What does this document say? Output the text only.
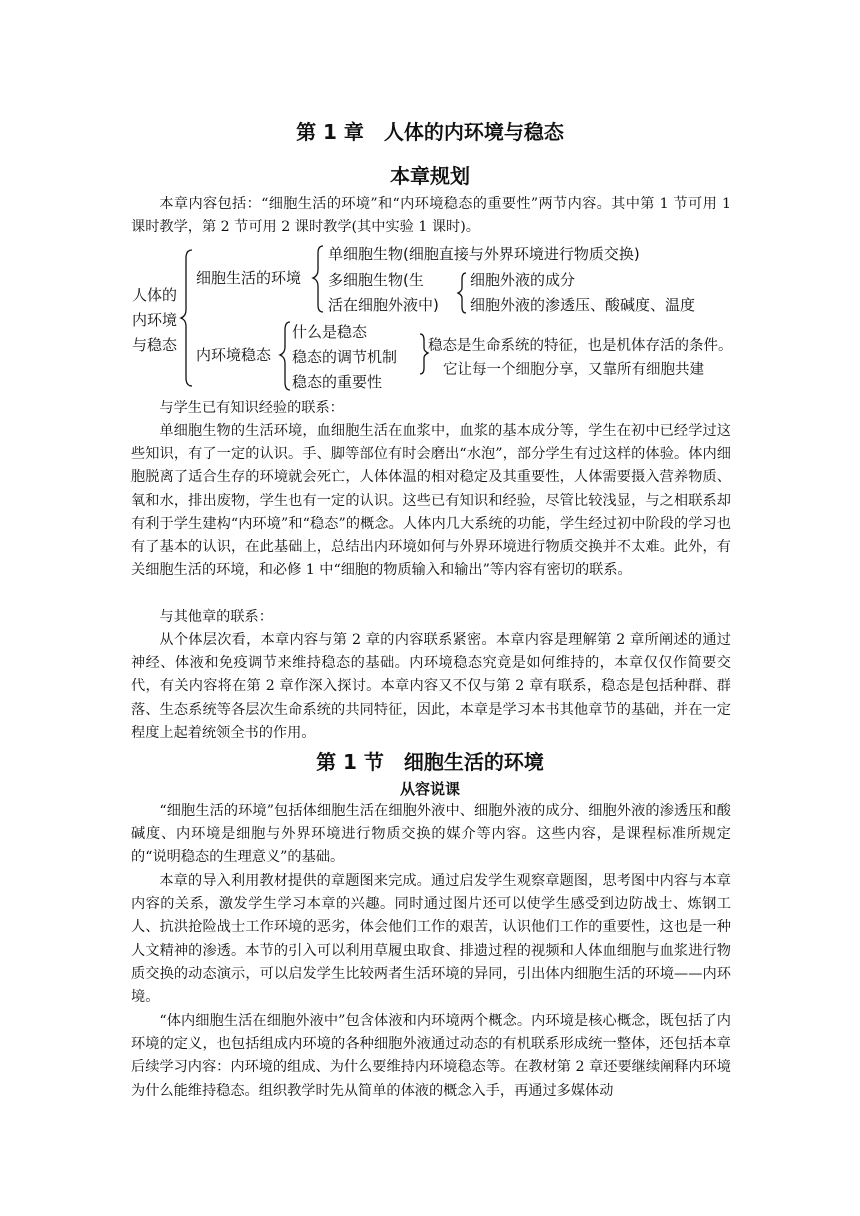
第 1 章　人体的内环境与稳态
本章规划

本章内容包括：“细胞生活的环境”和“内环境稳态的重要性”两节内容。其中第 1 节可用 1 课时教学，第 2 节可用 2 课时教学(其中实验 1 课时)。

人体的
内环境
与稳态
细胞生活的环境
单细胞生物(细胞直接与外界环境进行物质交换)
多细胞生物(生
活在细胞外液中)
细胞外液的成分
细胞外液的渗透压、酸碱度、温度
内环境稳态
什么是稳态
稳态的调节机制
稳态的重要性
稳态是生命系统的特征，也是机体存活的条件。
它让每一个细胞分享，又靠所有细胞共建

与学生已有知识经验的联系：

单细胞生物的生活环境，血细胞生活在血浆中，血浆的基本成分等，学生在初中已经学过这些知识，有了一定的认识。手、脚等部位有时会磨出“水泡”，部分学生有过这样的体验。体内细胞脱离了适合生存的环境就会死亡，人体体温的相对稳定及其重要性，人体需要摄入营养物质、氧和水，排出废物，学生也有一定的认识。这些已有知识和经验，尽管比较浅显，与之相联系却有利于学生建构“内环境”和“稳态”的概念。人体内几大系统的功能，学生经过初中阶段的学习也有了基本的认识，在此基础上，总结出内环境如何与外界环境进行物质交换并不太难。此外，有关细胞生活的环境，和必修 1 中“细胞的物质输入和输出”等内容有密切的联系。

与其他章的联系：

从个体层次看，本章内容与第 2 章的内容联系紧密。本章内容是理解第 2 章所阐述的通过神经、体液和免疫调节来维持稳态的基础。内环境稳态究竟是如何维持的，本章仅仅作简要交代，有关内容将在第 2 章作深入探讨。本章内容又不仅与第 2 章有联系，稳态是包括种群、群落、生态系统等各层次生命系统的共同特征，因此，本章是学习本书其他章节的基础，并在一定程度上起着统领全书的作用。

第 1 节　细胞生活的环境
从容说课

“细胞生活的环境”包括体细胞生活在细胞外液中、细胞外液的成分、细胞外液的渗透压和酸碱度、内环境是细胞与外界环境进行物质交换的媒介等内容。这些内容，是课程标准所规定的“说明稳态的生理意义”的基础。

本章的导入利用教材提供的章题图来完成。通过启发学生观察章题图，思考图中内容与本章内容的关系，激发学生学习本章的兴趣。同时通过图片还可以使学生感受到边防战士、炼钢工人、抗洪抢险战士工作环境的恶劣，体会他们工作的艰苦，认识他们工作的重要性，这也是一种人文精神的渗透。本节的引入可以利用草履虫取食、排遗过程的视频和人体血细胞与血浆进行物质交换的动态演示，可以启发学生比较两者生活环境的异同，引出体内细胞生活的环境——内环境。

“体内细胞生活在细胞外液中”包含体液和内环境两个概念。内环境是核心概念，既包括了内环境的定义，也包括组成内环境的各种细胞外液通过动态的有机联系形成统一整体，还包括本章后续学习内容：内环境的组成、为什么要维持内环境稳态等。在教材第 2 章还要继续阐释内环境为什么能维持稳态。组织教学时先从简单的体液的概念入手，再通过多媒体动
